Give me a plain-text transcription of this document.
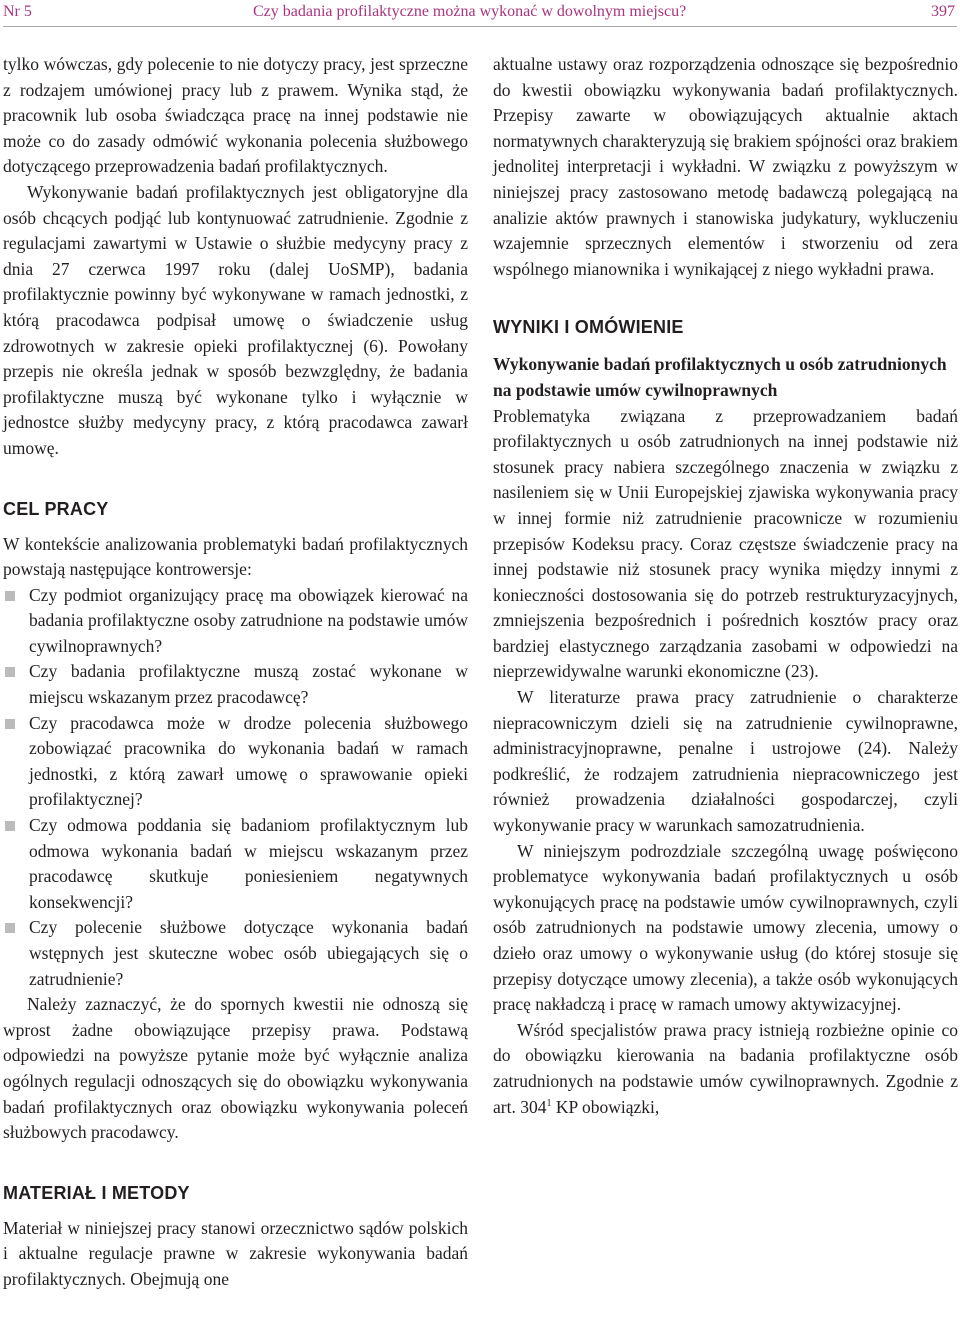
Nr 5	Czy badania profilaktyczne można wykonać w dowolnym miejscu?	397

tylko wówczas, gdy polecenie to nie dotyczy pracy, jest sprzeczne z rodzajem umówionej pracy lub z prawem. Wynika stąd, że pracownik lub osoba świadcząca pracę na innej podstawie nie może co do zasady odmówić wykonania polecenia służbowego dotyczącego przeprowadzenia badań profilaktycznych.

Wykonywanie badań profilaktycznych jest obligatoryjne dla osób chcących podjąć lub kontynuować zatrudnienie. Zgodnie z regulacjami zawartymi w Ustawie o służbie medycyny pracy z dnia 27 czerwca 1997 roku (dalej UoSMP), badania profilaktycznie powinny być wykonywane w ramach jednostki, z którą pracodawca podpisał umowę o świadczenie usług zdrowotnych w zakresie opieki profilaktycznej (6). Powołany przepis nie określa jednak w sposób bezwzględny, że badania profilaktyczne muszą być wykonane tylko i wyłącznie w jednostce służby medycyny pracy, z którą pracodawca zawarł umowę.

CEL PRACY

W kontekście analizowania problematyki badań profilaktycznych powstają następujące kontrowersje:

Czy podmiot organizujący pracę ma obowiązek kierować na badania profilaktyczne osoby zatrudnione na podstawie umów cywilnoprawnych?
Czy badania profilaktyczne muszą zostać wykonane w miejscu wskazanym przez pracodawcę?
Czy pracodawca może w drodze polecenia służbowego zobowiązać pracownika do wykonania badań w ramach jednostki, z którą zawarł umowę o sprawowanie opieki profilaktycznej?
Czy odmowa poddania się badaniom profilaktycznym lub odmowa wykonania badań w miejscu wskazanym przez pracodawcę skutkuje poniesieniem negatywnych konsekwencji?
Czy polecenie służbowe dotyczące wykonania badań wstępnych jest skuteczne wobec osób ubiegających się o zatrudnienie?

Należy zaznaczyć, że do spornych kwestii nie odnoszą się wprost żadne obowiązujące przepisy prawa. Podstawą odpowiedzi na powyższe pytanie może być wyłącznie analiza ogólnych regulacji odnoszących się do obowiązku wykonywania badań profilaktycznych oraz obowiązku wykonywania poleceń służbowych pracodawcy.

MATERIAŁ I METODY

Materiał w niniejszej pracy stanowi orzecznictwo sądów polskich i aktualne regulacje prawne w zakresie wykonywania badań profilaktycznych. Obejmują one

aktualne ustawy oraz rozporządzenia odnoszące się bezpośrednio do kwestii obowiązku wykonywania badań profilaktycznych. Przepisy zawarte w obowiązujących aktualnie aktach normatywnych charakteryzują się brakiem spójności oraz brakiem jednolitej interpretacji i wykładni. W związku z powyższym w niniejszej pracy zastosowano metodę badawczą polegającą na analizie aktów prawnych i stanowiska judykatury, wykluczeniu wzajemnie sprzecznych elementów i stworzeniu od zera wspólnego mianownika i wynikającej z niego wykładni prawa.

WYNIKI I OMÓWIENIE
Wykonywanie badań profilaktycznych u osób zatrudnionych na podstawie umów cywilnoprawnych

Problematyka związana z przeprowadzaniem badań profilaktycznych u osób zatrudnionych na innej podstawie niż stosunek pracy nabiera szczególnego znaczenia w związku z nasileniem się w Unii Europejskiej zjawiska wykonywania pracy w innej formie niż zatrudnienie pracownicze w rozumieniu przepisów Kodeksu pracy. Coraz częstsze świadczenie pracy na innej podstawie niż stosunek pracy wynika między innymi z konieczności dostosowania się do potrzeb restrukturyzacyjnych, zmniejszenia bezpośrednich i pośrednich kosztów pracy oraz bardziej elastycznego zarządzania zasobami w odpowiedzi na nieprzewidywalne warunki ekonomiczne (23).

W literaturze prawa pracy zatrudnienie o charakterze niepracowniczym dzieli się na zatrudnienie cywilnoprawne, administracyjnoprawne, penalne i ustrojowe (24). Należy podkreślić, że rodzajem zatrudnienia niepracowniczego jest również prowadzenia działalności gospodarczej, czyli wykonywanie pracy w warunkach samozatrudnienia.

W niniejszym podrozdziale szczególną uwagę poświęcono problematyce wykonywania badań profilaktycznych u osób wykonujących pracę na podstawie umów cywilnoprawnych, czyli osób zatrudnionych na podstawie umowy zlecenia, umowy o dzieło oraz umowy o wykonywanie usług (do której stosuje się przepisy dotyczące umowy zlecenia), a także osób wykonujących pracę nakładczą i pracę w ramach umowy aktywizacyjnej.

Wśród specjalistów prawa pracy istnieją rozbieżne opinie co do obowiązku kierowania na badania profilaktyczne osób zatrudnionych na podstawie umów cywilnoprawnych. Zgodnie z art. $304^1$ KP obowiązki,
